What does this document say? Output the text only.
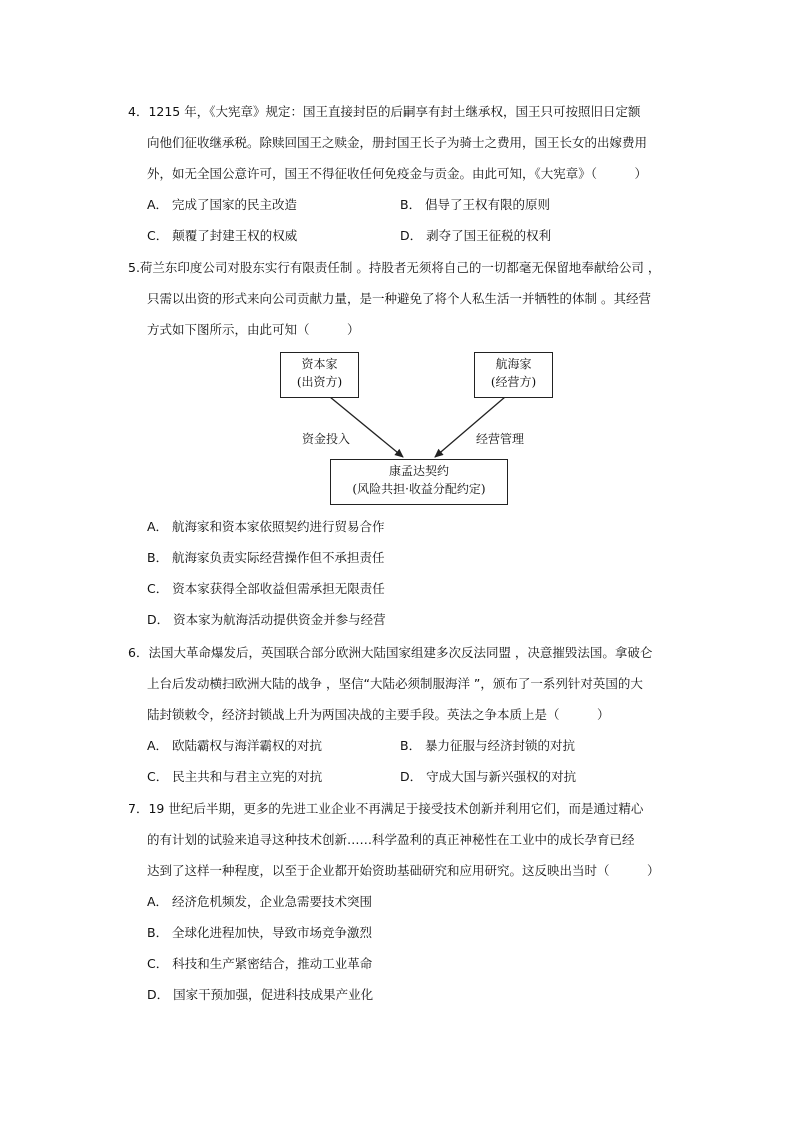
4．1215 年，《大宪章》规定：国王直接封臣的后嗣享有封土继承权，国王只可按照旧日定额
向他们征收继承税。除赎回国王之赎金，册封国王长子为骑士之费用，国王长女的出嫁费用
外，如无全国公意许可，国王不得征收任何免疫金与贡金。由此可知，《大宪章》（　　　）
A． 完成了国家的民主改造	B． 倡导了王权有限的原则
C． 颠覆了封建王权的权威	D． 剥夺了国王征税的权利
5.荷兰东印度公司对股东实行有限责任制 。持股者无须将自己的一切都毫无保留地奉献给公司 ，
只需以出资的形式来向公司贡献力量，是一种避免了将个人私生活一并牺牲的体制 。其经营
方式如下图所示，由此可知（　　　）
资本家
(出资方)
航海家
(经营方)
资金投入	经营管理
康孟达契约
(风险共担·收益分配约定)
A． 航海家和资本家依照契约进行贸易合作
B． 航海家负责实际经营操作但不承担责任
C． 资本家获得全部收益但需承担无限责任
D． 资本家为航海活动提供资金并参与经营
6．法国大革命爆发后，英国联合部分欧洲大陆国家组建多次反法同盟 ，决意摧毁法国。拿破仑
上台后发动横扫欧洲大陆的战争 ，坚信“大陆必须制服海洋 ”，颁布了一系列针对英国的大
陆封锁敕令，经济封锁战上升为两国决战的主要手段。英法之争本质上是（　　　）
A． 欧陆霸权与海洋霸权的对抗	B． 暴力征服与经济封锁的对抗
C． 民主共和与君主立宪的对抗	D． 守成大国与新兴强权的对抗
7．19 世纪后半期，更多的先进工业企业不再满足于接受技术创新并利用它们，而是通过精心
的有计划的试验来追寻这种技术创新……科学盈利的真正神秘性在工业中的成长孕育已经
达到了这样一种程度，以至于企业都开始资助基础研究和应用研究。这反映出当时（　　　）
A． 经济危机频发，企业急需要技术突围
B． 全球化进程加快，导致市场竞争激烈
C． 科技和生产紧密结合，推动工业革命
D． 国家干预加强，促进科技成果产业化
